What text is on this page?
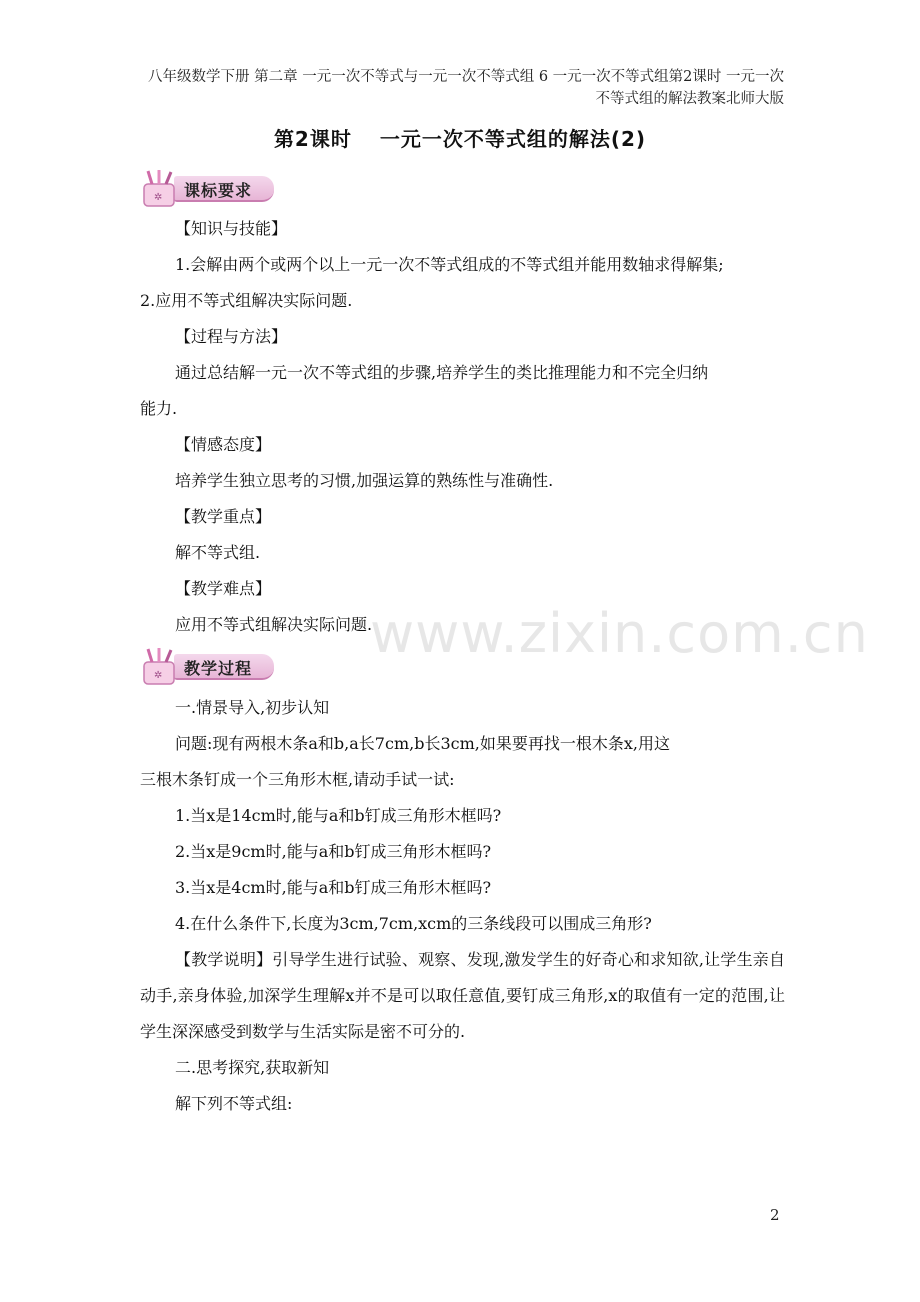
八年级数学下册 第二章 一元一次不等式与一元一次不等式组 6 一元一次不等式组第2课时 一元一次不等式组的解法教案北师大版
第2课时 一元一次不等式组的解法(2)
✲ 课标要求

【知识与技能】

1.会解由两个或两个以上一元一次不等式组成的不等式组并能用数轴求得解集;

2.应用不等式组解决实际问题.

【过程与方法】

通过总结解一元一次不等式组的步骤,培养学生的类比推理能力和不完全归纳

能力.

【情感态度】

培养学生独立思考的习惯,加强运算的熟练性与准确性.

【教学重点】

解不等式组.

【教学难点】

应用不等式组解决实际问题.

www.zixin.com.cn
✲ 教学过程

一.情景导入,初步认知

问题:现有两根木条a和b,a长7cm,b长3cm,如果要再找一根木条x,用这

三根木条钉成一个三角形木框,请动手试一试:

1.当x是14cm时,能与a和b钉成三角形木框吗?

2.当x是9cm时,能与a和b钉成三角形木框吗?

3.当x是4cm时,能与a和b钉成三角形木框吗?

4.在什么条件下,长度为3cm,7cm,xcm的三条线段可以围成三角形?

【教学说明】引导学生进行试验、观察、发现,激发学生的好奇心和求知欲,让学生亲自动手,亲身体验,加深学生理解x并不是可以取任意值,要钉成三角形,x的取值有一定的范围,让学生深深感受到数学与生活实际是密不可分的.

二.思考探究,获取新知

解下列不等式组:

2
